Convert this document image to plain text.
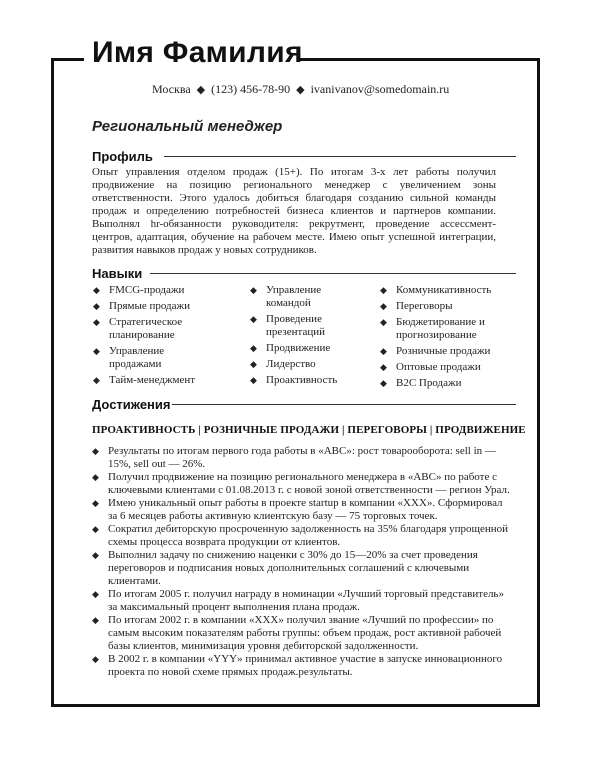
Имя Фамилия
Москва ◆ (123) 456-78-90 ◆ ivanivanov@somedomain.ru
Региональный менеджер
Профиль
Опыт управления отделом продаж (15+). По итогам 3-х лет работы получил продвижение на позицию регионального менеджер с увеличением зоны ответственности. Этого удалось добиться благодаря созданию сильной команды продаж и определению потребностей бизнеса клиентов и партнеров компании. Выполнял hr-обязанности руководителя: рекрутмент, проведение ассессмент-центров, адаптация, обучение на рабочем месте. Имею опыт успешной интеграции, развития навыков продаж у новых сотрудников.
Навыки
◆ FMCG-продажи
◆ Прямые продажи
◆ Стратегическое планирование
◆ Управление продажами
◆ Тайм-менеджмент
◆ Управление командой
◆ Проведение презентаций
◆ Продвижение
◆ Лидерство
◆ Проактивность
◆ Коммуникативность
◆ Переговоры
◆ Бюджетирование и прогнозирование
◆ Розничные продажи
◆ Оптовые продажи
◆ B2C Продажи
Достижения
ПРОАКТИВНОСТЬ | РОЗНИЧНЫЕ ПРОДАЖИ | ПЕРЕГОВОРЫ | ПРОДВИЖЕНИЕ
◆ Результаты по итогам первого года работы в «АВС»: рост товарооборота: sell in — 15%, sell out — 26%.
◆ Получил продвижение на позицию регионального менеджера в «АВС» по работе с ключевыми клиентами с 01.08.2013 г. с новой зоной ответственности — регион Урал.
◆ Имею уникальный опыт работы в проекте startup в компании «XXX». Сформировал за 6 месяцев работы активную клиентскую базу — 75 торговых точек.
◆ Сократил дебиторскую просроченную задолженность на 35% благодаря упрощенной схемы процесса возврата продукции от клиентов.
◆ Выполнил задачу по снижению наценки с 30% до 15—20% за счет проведения переговоров и подписания новых дополнительных соглашений с ключевыми клиентами.
◆ По итогам 2005 г. получил награду в номинации «Лучший торговый представитель» за максимальный процент выполнения плана продаж.
◆ По итогам 2002 г. в компании «XXX» получил звание «Лучший по профессии» по самым высоким показателям работы группы: объем продаж, рост активной рабочей базы клиентов, минимизация уровня дебиторской задолженности.
◆ В 2002 г. в компании «YYY» принимал активное участие в запуске инновационного проекта по новой схеме прямых продаж.результаты.
